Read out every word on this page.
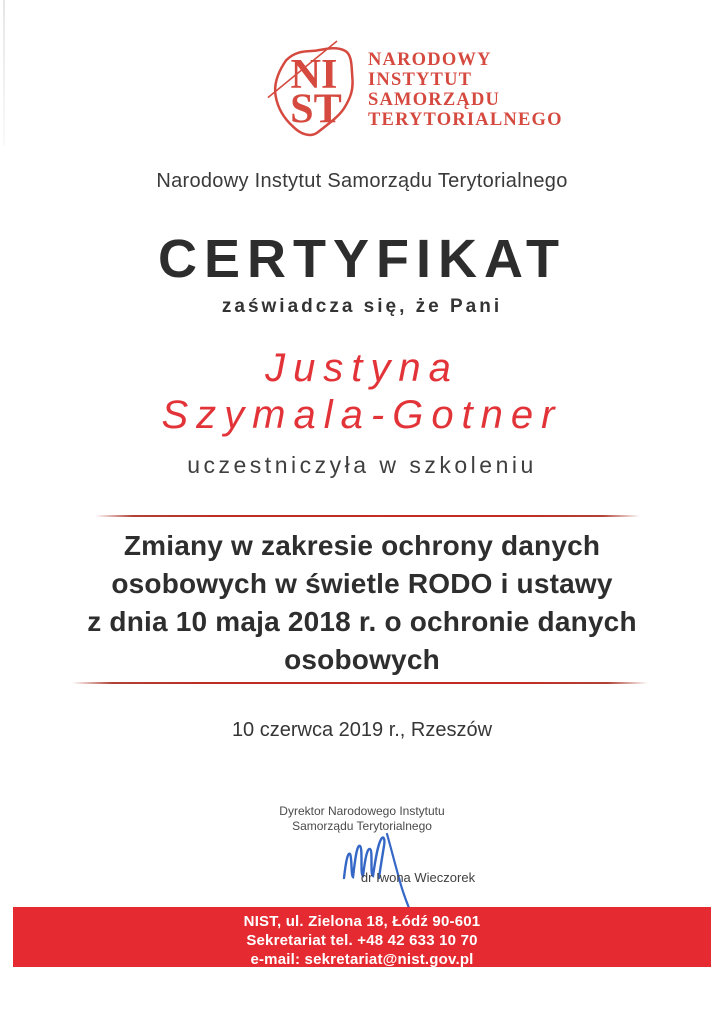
NI
ST
NARODOWY
INSTYTUT
SAMORZĄDU
TERYTORIALNEGO
Narodowy Instytut Samorządu Terytorialnego
CERTYFIKAT
zaświadcza się, że Pani
Justyna
Szymala-Gotner
uczestniczyła w szkoleniu
Zmiany w zakresie ochrony danych
osobowych w świetle RODO i ustawy
z dnia 10 maja 2018 r. o ochronie danych
osobowych
10 czerwca 2019 r., Rzeszów
Dyrektor Narodowego Instytutu
Samorządu Terytorialnego
dr Iwona Wieczorek
NIST, ul. Zielona 18, Łódź 90-601
Sekretariat tel. +48 42 633 10 70
e-mail: sekretariat@nist.gov.pl
